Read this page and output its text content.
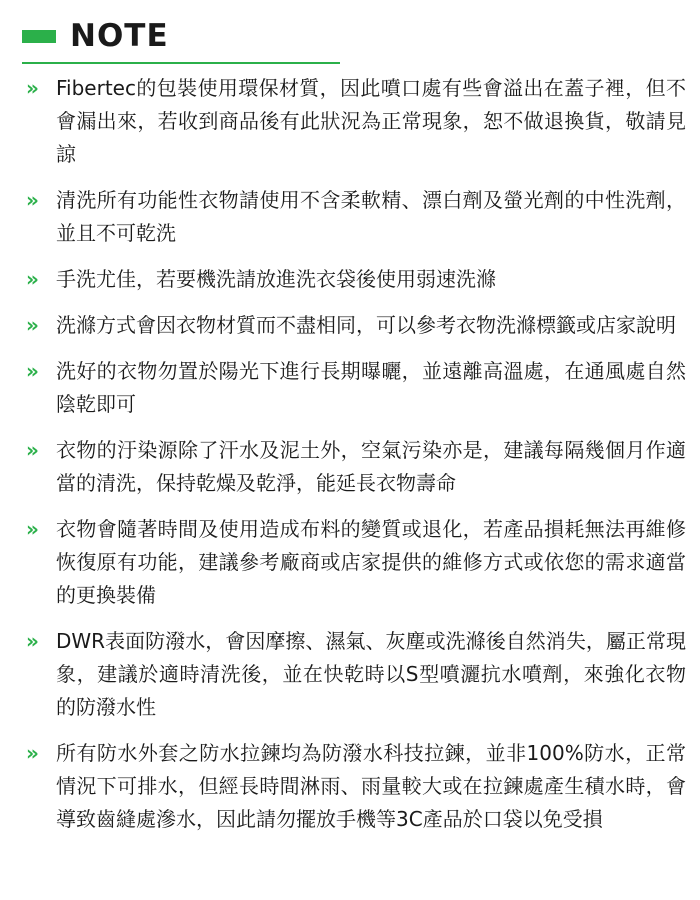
NOTE
» Fibertec的包裝使用環保材質，因此噴口處有些會溢出在蓋子裡，但不會漏出來，若收到商品後有此狀況為正常現象，恕不做退換貨，敬請見諒
» 清洗所有功能性衣物請使用不含柔軟精、漂白劑及螢光劑的中性洗劑，並且不可乾洗
» 手洗尤佳，若要機洗請放進洗衣袋後使用弱速洗滌
» 洗滌方式會因衣物材質而不盡相同，可以參考衣物洗滌標籤或店家說明
» 洗好的衣物勿置於陽光下進行長期曝曬，並遠離高溫處，在通風處自然陰乾即可
» 衣物的汙染源除了汗水及泥土外，空氣污染亦是，建議每隔幾個月作適當的清洗，保持乾燥及乾淨，能延長衣物壽命
» 衣物會隨著時間及使用造成布料的變質或退化，若產品損耗無法再維修恢復原有功能，建議參考廠商或店家提供的維修方式或依您的需求適當的更換裝備
» DWR表面防潑水，會因摩擦、濕氣、灰塵或洗滌後自然消失，屬正常現象，建議於適時清洗後，並在快乾時以S型噴灑抗水噴劑，來強化衣物的防潑水性
» 所有防水外套之防水拉鍊均為防潑水科技拉鍊，並非100%防水，正常情況下可排水，但經長時間淋雨、雨量較大或在拉鍊處產生積水時，會導致齒縫處滲水，因此請勿擺放手機等3C產品於口袋以免受損
